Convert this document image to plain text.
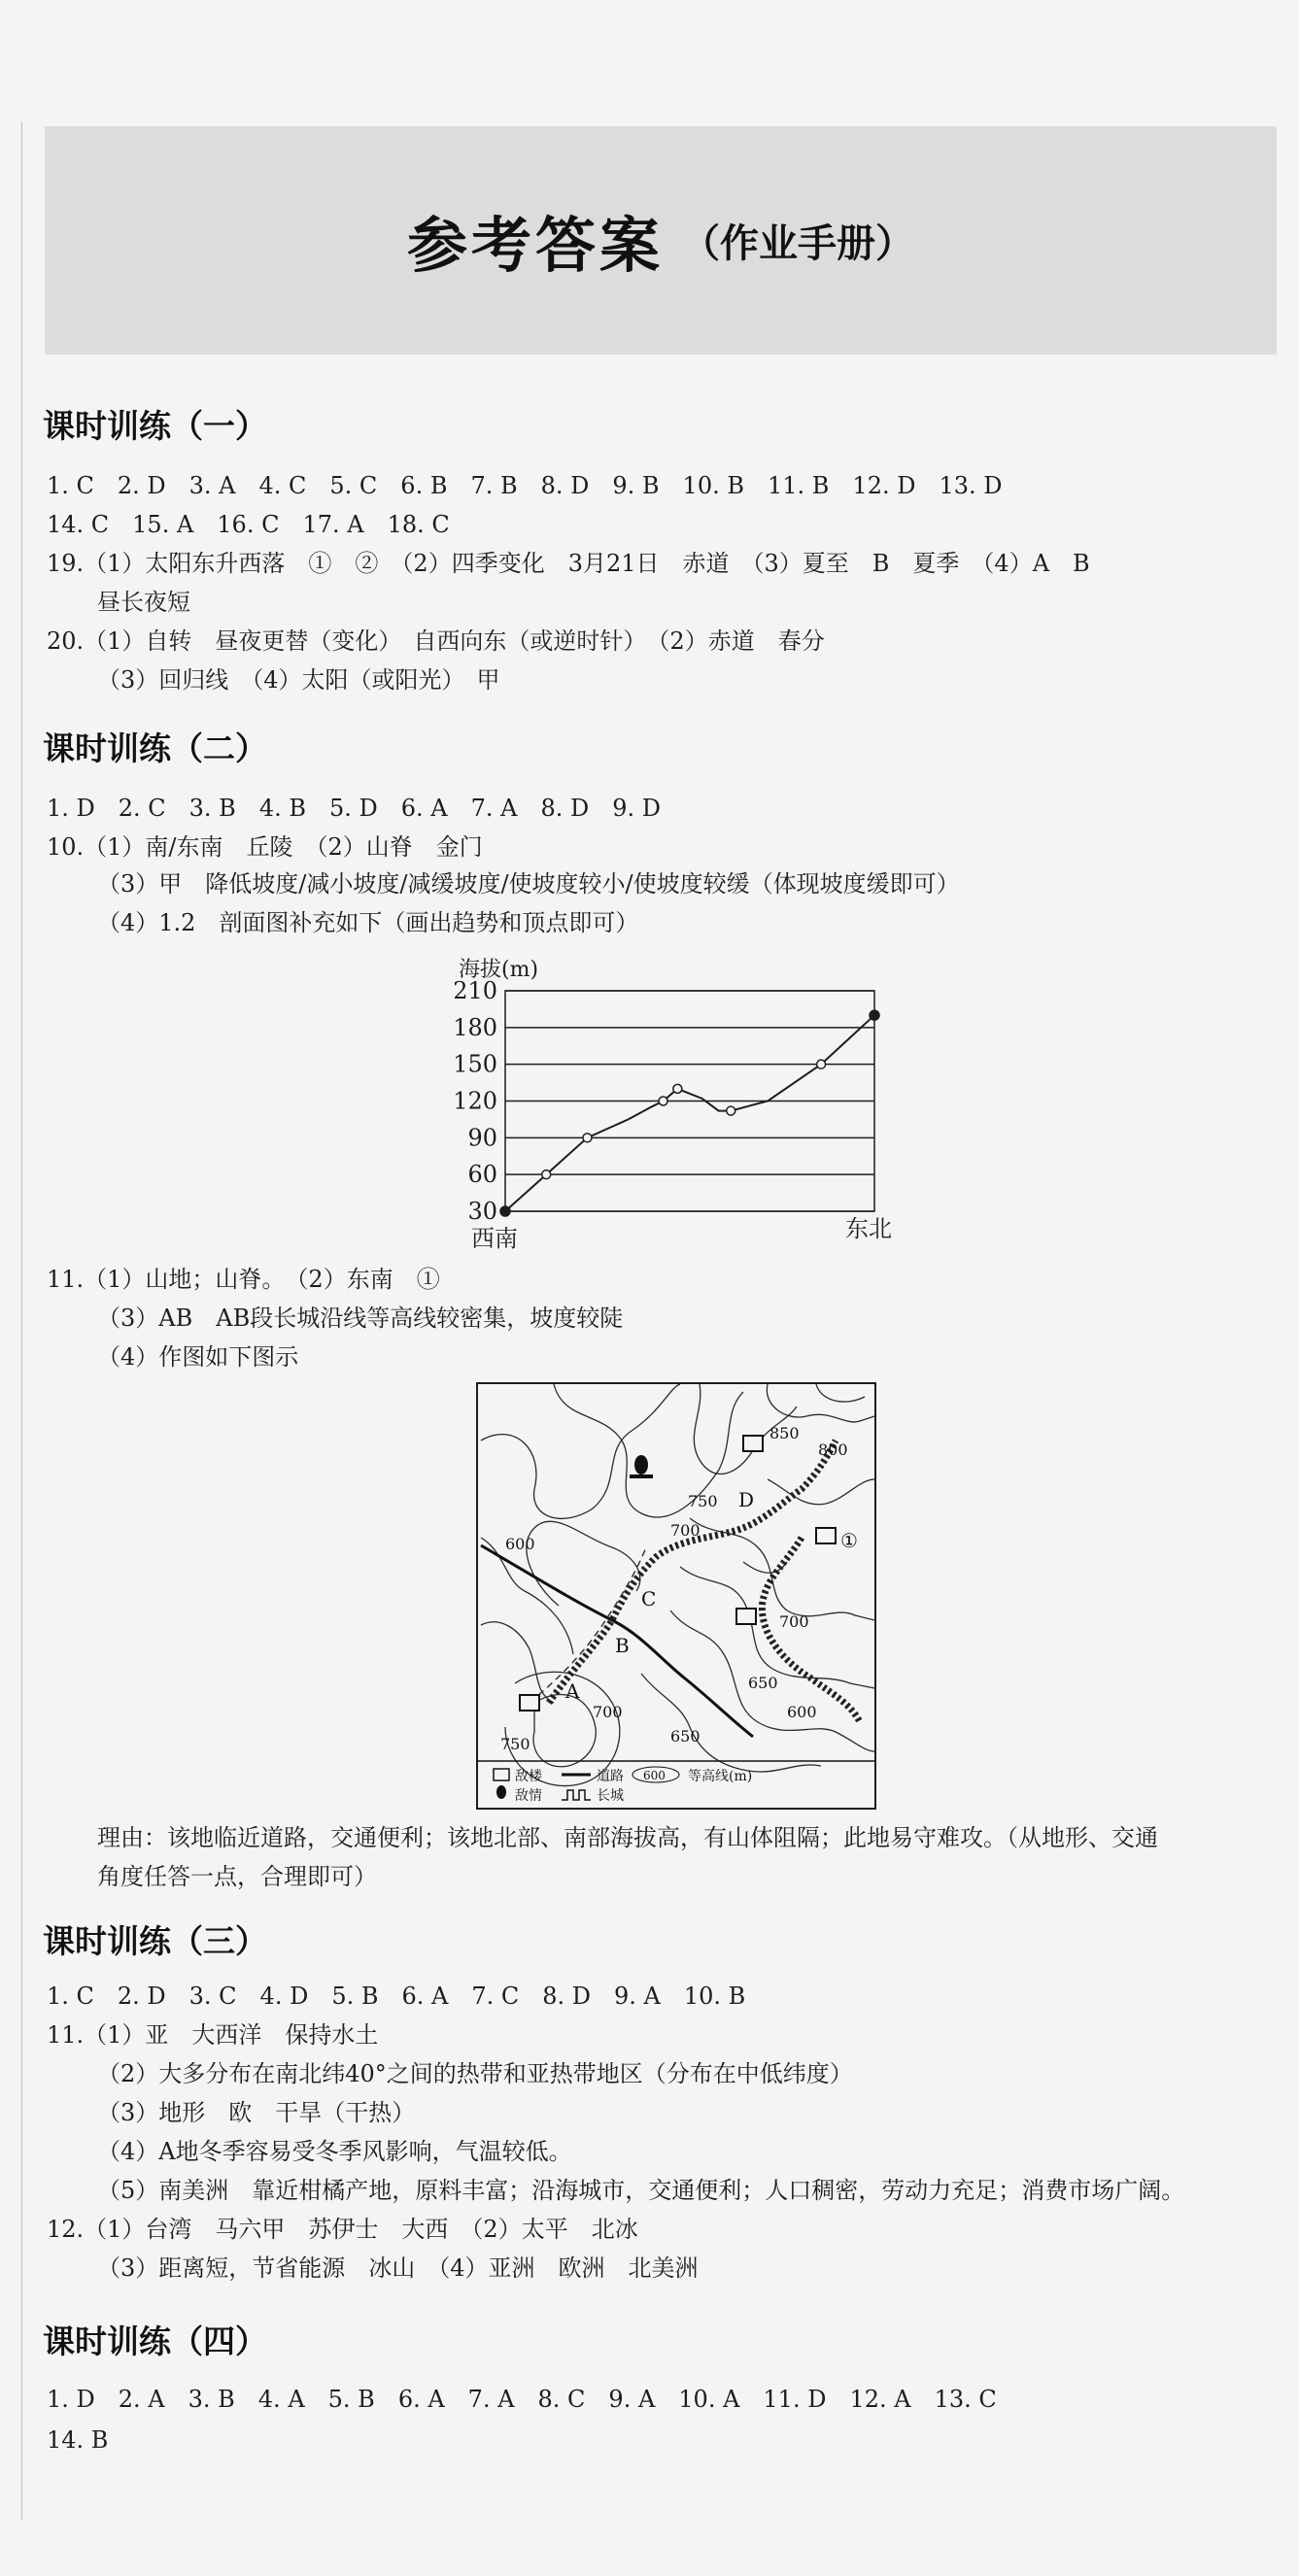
参考答案 （作业手册）
课时训练（一）
1. C　2. D　3. A　4. C　5. C　6. B　7. B　8. D　9. B　10. B　11. B　12. D　13. D
14. C　15. A　16. C　17. A　18. C
19.（1）太阳东升西落　①　②　（2）四季变化　3月21日　赤道　（3）夏至　B　夏季　（4）A　B
昼长夜短
20.（1）自转　昼夜更替（变化）　自西向东（或逆时针）　（2）赤道　春分
（3）回归线　（4）太阳（或阳光）　甲
课时训练（二）
1. D　2. C　3. B　4. B　5. D　6. A　7. A　8. D　9. D
10.（1）南/东南　丘陵　（2）山脊　金门
（3）甲　降低坡度/减小坡度/减缓坡度/使坡度较小/使坡度较缓（体现坡度缓即可）
（4）1.2　剖面图补充如下（画出趋势和顶点即可）
210
180
150
120
90
60
30
海拔(m)
西南	东北
11.（1）山地；山脊。　（2）东南　①
（3）AB　AB段长城沿线等高线较密集，坡度较陡
（4）作图如下图示
850
800
750
700
700
600
650
600
700
650
750
D
C
B
A
①
敌楼	道路 600 等高线(m)
敌情	长城
理由：该地临近道路，交通便利；该地北部、南部海拔高，有山体阻隔；此地易守难攻。（从地形、交通
角度任答一点，合理即可）
课时训练（三）
1. C　2. D　3. C　4. D　5. B　6. A　7. C　8. D　9. A　10. B
11.（1）亚　大西洋　保持水土
（2）大多分布在南北纬40°之间的热带和亚热带地区（分布在中低纬度）
（3）地形　欧　干旱（干热）
（4）A地冬季容易受冬季风影响，气温较低。
（5）南美洲　靠近柑橘产地，原料丰富；沿海城市，交通便利；人口稠密，劳动力充足；消费市场广阔。
12.（1）台湾　马六甲　苏伊士　大西　（2）太平　北冰
（3）距离短，节省能源　冰山　（4）亚洲　欧洲　北美洲
课时训练（四）
1. D　2. A　3. B　4. A　5. B　6. A　7. A　8. C　9. A　10. A　11. D　12. A　13. C
14. B
